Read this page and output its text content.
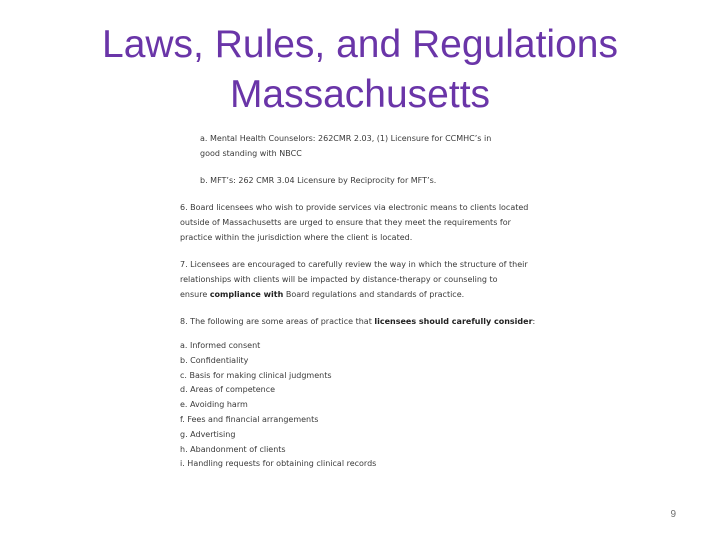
Laws, Rules, and Regulations
Massachusetts

a. Mental Health Counselors: 262CMR 2.03, (1) Licensure for CCMHC’s in

good standing with NBCC

b. MFT’s: 262 CMR 3.04 Licensure by Reciprocity for MFT’s.

6. Board licensees who wish to provide services via electronic means to clients located

outside of Massachusetts are urged to ensure that they meet the requirements for

practice within the jurisdiction where the client is located.

7. Licensees are encouraged to carefully review the way in which the structure of their

relationships with clients will be impacted by distance-therapy or counseling to

ensure compliance with Board regulations and standards of practice.

8. The following are some areas of practice that licensees should carefully consider:

a. Informed consent
b. Confidentiality
c. Basis for making clinical judgments
d. Areas of competence
e. Avoiding harm
f. Fees and financial arrangements
g. Advertising
h. Abandonment of clients
i. Handling requests for obtaining clinical records
9
